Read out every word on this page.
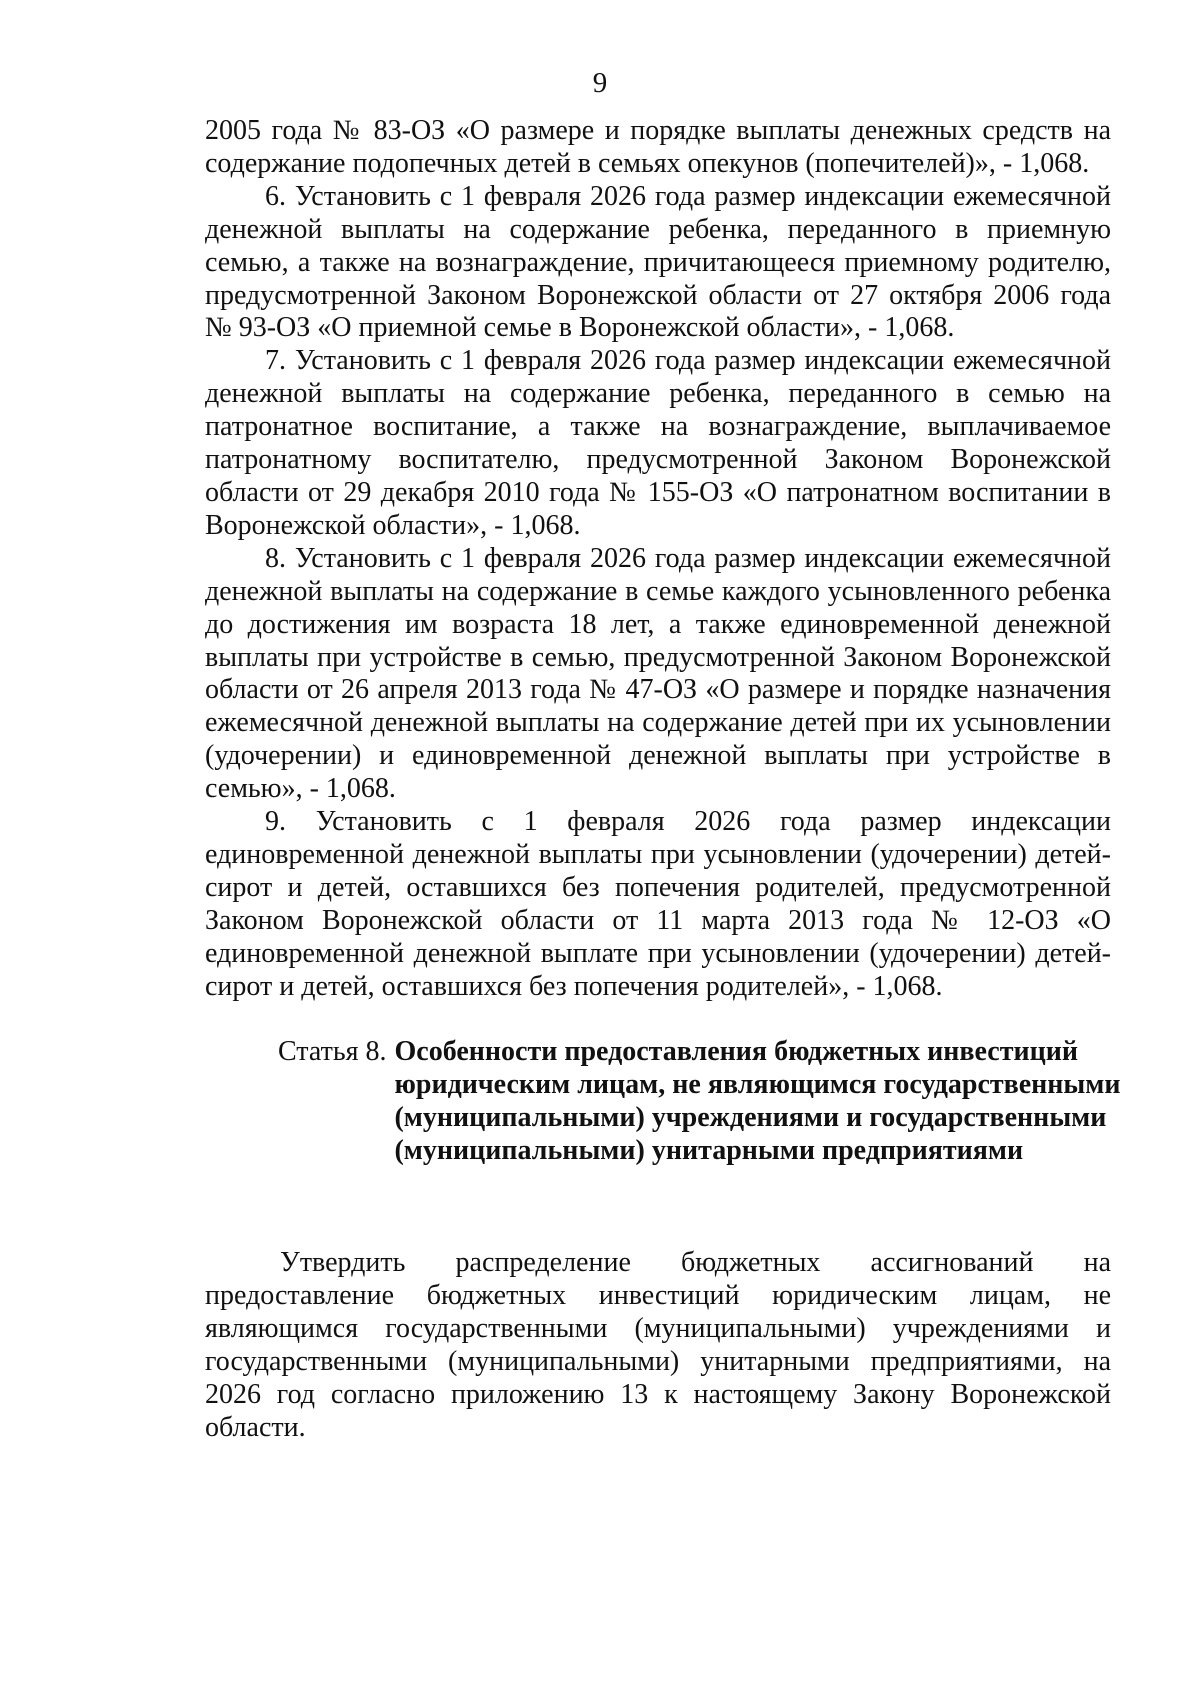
9

2005 года № 83-ОЗ «О размере и порядке выплаты денежных средств на содержание подопечных детей в семьях опекунов (попечителей)», - 1,068.

6. Установить с 1 февраля 2026 года размер индексации ежемесячной денежной выплаты на содержание ребенка, переданного в приемную семью, а также на вознаграждение, причитающееся приемному родителю, предусмотренной Законом Воронежской области от 27 октября 2006 года № 93-ОЗ «О приемной семье в Воронежской области», - 1,068.

7. Установить с 1 февраля 2026 года размер индексации ежемесячной денежной выплаты на содержание ребенка, переданного в семью на патронатное воспитание, а также на вознаграждение, выплачиваемое патронатному воспитателю, предусмотренной Законом Воронежской области от 29 декабря 2010 года № 155-ОЗ «О патронатном воспитании в Воронежской области», - 1,068.

8. Установить с 1 февраля 2026 года размер индексации ежемесячной денежной выплаты на содержание в семье каждого усыновленного ребенка до достижения им возраста 18 лет, а также единовременной денежной выплаты при устройстве в семью, предусмотренной Законом Воронежской области от 26 апреля 2013 года № 47-ОЗ «О размере и порядке назначения ежемесячной денежной выплаты на содержание детей при их усыновлении (удочерении) и единовременной денежной выплаты при устройстве в семью», - 1,068.

9. Установить с 1 февраля 2026 года размер индексации единовременной денежной выплаты при усыновлении (удочерении) детей-сирот и детей, оставшихся без попечения родителей, предусмотренной Законом Воронежской области от 11 марта 2013 года № 12-ОЗ «О единовременной денежной выплате при усыновлении (удочерении) детей-сирот и детей, оставшихся без попечения родителей», - 1,068.

Статья 8. Особенности предоставления бюджетных инвестиций юридическим лицам, не являющимся государственными (муниципальными) учреждениями и государственными (муниципальными) унитарными предприятиями

Утвердить распределение бюджетных ассигнований на предоставление бюджетных инвестиций юридическим лицам, не являющимся государственными (муниципальными) учреждениями и государственными (муниципальными) унитарными предприятиями, на 2026 год согласно приложению 13 к настоящему Закону Воронежской области.
